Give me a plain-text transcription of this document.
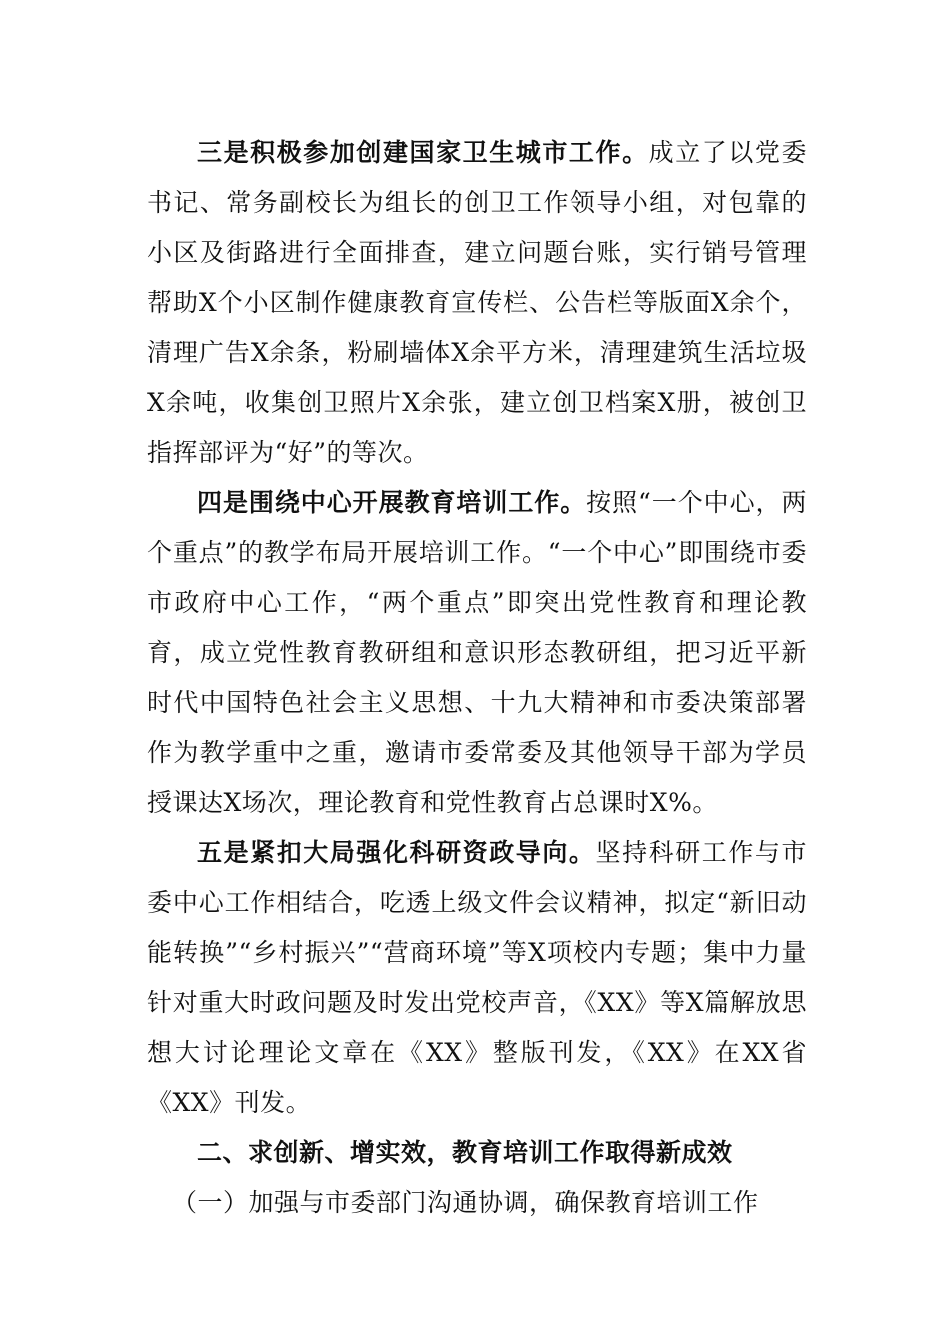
三是积极参加创建国家卫生城市工作。成立了以党委书记、常务副校长为组长的创卫工作领导小组，对包靠的小区及街路进行全面排查，建立问题台账，实行销号管理帮助X个小区制作健康教育宣传栏、公告栏等版面X余个，清理广告X余条，粉刷墙体X余平方米，清理建筑生活垃圾X余吨，收集创卫照片X余张，建立创卫档案X册，被创卫指挥部评为“好”的等次。

四是围绕中心开展教育培训工作。按照“一个中心，两个重点”的教学布局开展培训工作。“一个中心”即围绕市委市政府中心工作，“两个重点”即突出党性教育和理论教育，成立党性教育教研组和意识形态教研组，把习近平新时代中国特色社会主义思想、十九大精神和市委决策部署作为教学重中之重，邀请市委常委及其他领导干部为学员授课达X场次，理论教育和党性教育占总课时X%。

五是紧扣大局强化科研资政导向。坚持科研工作与市委中心工作相结合，吃透上级文件会议精神，拟定“新旧动能转换”“乡村振兴”“营商环境”等X项校内专题；集中力量针对重大时政问题及时发出党校声音，《XX》等X篇解放思想大讨论理论文章在《XX》整版刊发，《XX》在XX省《XX》刊发。

二、求创新、增实效，教育培训工作取得新成效

（一）加强与市委部门沟通协调，确保教育培训工作
